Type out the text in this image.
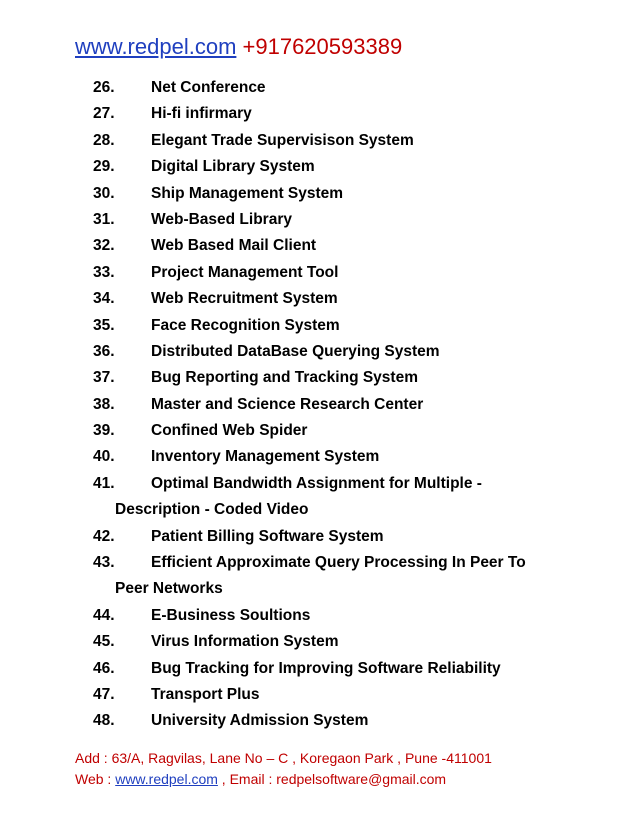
www.redpel.com +917620593389
26. Net Conference
27. Hi-fi infirmary
28. Elegant Trade Supervisison System
29. Digital Library System
30. Ship Management System
31. Web-Based Library
32. Web Based Mail Client
33. Project Management Tool
34. Web Recruitment System
35. Face Recognition System
36. Distributed DataBase Querying System
37. Bug Reporting and Tracking System
38. Master and Science Research Center
39. Confined Web Spider
40. Inventory Management System
41. Optimal Bandwidth Assignment for Multiple -
Description - Coded Video
42. Patient Billing Software System
43. Efficient Approximate Query Processing In Peer To
Peer Networks
44. E-Business Soultions
45. Virus Information System
46. Bug Tracking for Improving Software Reliability
47. Transport Plus
48. University Admission System
Add : 63/A, Ragvilas, Lane No – C , Koregaon Park , Pune -411001
Web : www.redpel.com , Email : redpelsoftware@gmail.com
